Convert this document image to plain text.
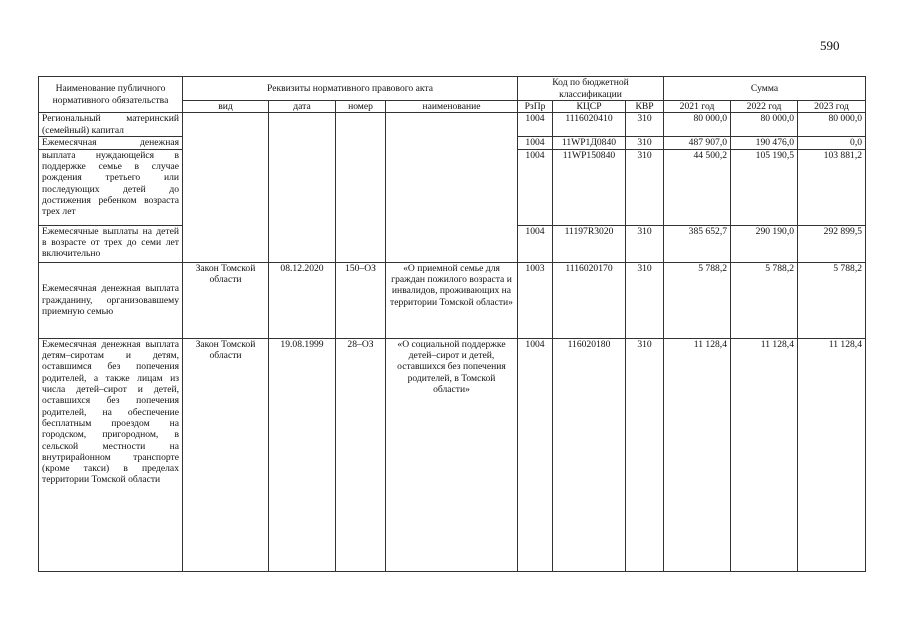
590
Наименование публичного нормативного обязательства	Реквизиты нормативного правового акта				Код по бюджетной классификации			Сумма		
	вид	дата	номер	наименование	РзПр	КЦСР	КВР	2021 год	2022 год	2023 год
Региональный материнский (семейный) капитал					1004	1116020410	310	80 000,0	80 000,0	80 000,0
Ежемесячная денежная					1004	11WP1Д0840	310	487 907,0	190 476,0	0,0
выплата нуждающейся в поддержке семье в случае рождения третьего или последующих детей до достижения ребенком возраста трех лет					1004	11WP150840	310	44 500,2	105 190,5	103 881,2
Ежемесячные выплаты на детей в возрасте от трех до семи лет включительно					1004	11197R3020	310	385 652,7	290 190,0	292 899,5
Ежемесячная денежная выплата гражданину, организовавшему приемную семью	Закон Томской области	08.12.2020	150–ОЗ	«О приемной семье для граждан пожилого возраста и инвалидов, проживающих на территории Томской области»	1003	1116020170	310	5 788,2	5 788,2	5 788,2
Ежемесячная денежная выплата детям–сиротам и детям, оставшимся без попечения родителей, а также лицам из числа детей–сирот и детей, оставшихся без попечения родителей, на обеспечение бесплатным проездом на городском, пригородном, в сельской местности на внутрирайонном транспорте (кроме такси) в пределах территории Томской области	Закон Томской области	19.08.1999	28–ОЗ	«О социальной поддержке детей–сирот и детей, оставшихся без попечения родителей, в Томской области»	1004	116020180	310	11 128,4	11 128,4	11 128,4
